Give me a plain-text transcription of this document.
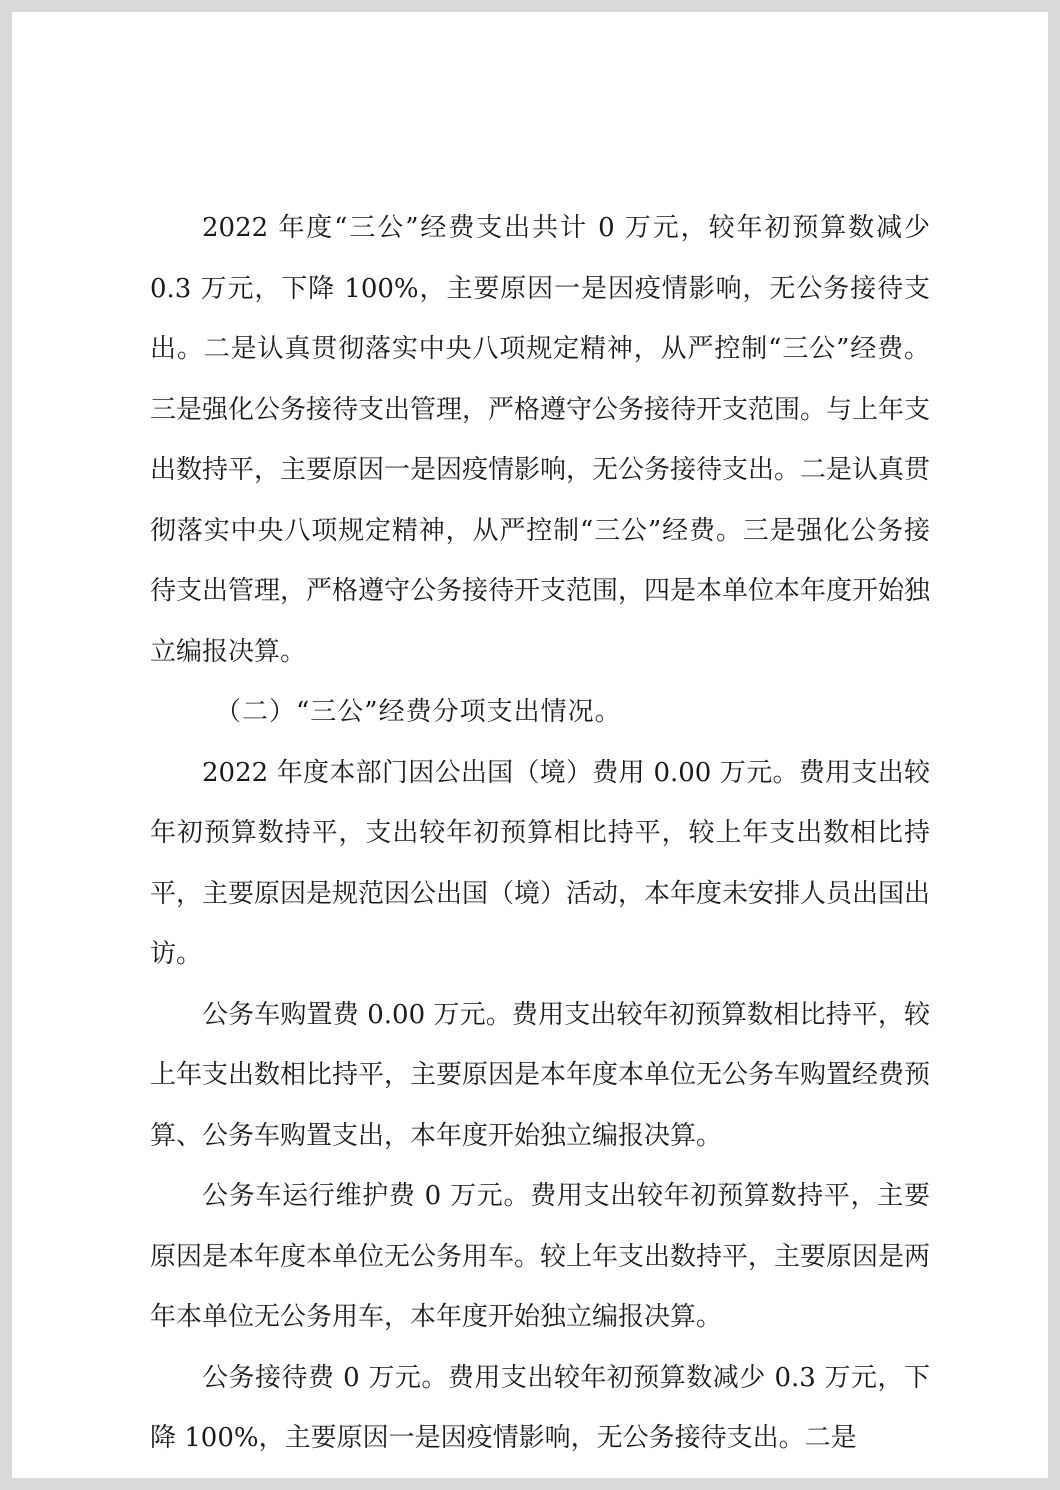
2022 年度“三公”经费支出共计 0 万元，较年初预算数减少 0.3 万元，下降 100%，主要原因一是因疫情影响，无公务接待支出。二是认真贯彻落实中央八项规定精神，从严控制“三公”经费。三是强化公务接待支出管理，严格遵守公务接待开支范围。与上年支出数持平，主要原因一是因疫情影响，无公务接待支出。二是认真贯彻落实中央八项规定精神，从严控制“三公”经费。三是强化公务接待支出管理，严格遵守公务接待开支范围，四是本单位本年度开始独立编报决算。

（二）“三公”经费分项支出情况。

2022 年度本部门因公出国（境）费用 0.00 万元。费用支出较年初预算数持平，支出较年初预算相比持平，较上年支出数相比持平，主要原因是规范因公出国（境）活动，本年度未安排人员出国出访。

公务车购置费 0.00 万元。费用支出较年初预算数相比持平，较上年支出数相比持平，主要原因是本年度本单位无公务车购置经费预算、公务车购置支出，本年度开始独立编报决算。

公务车运行维护费 0 万元。费用支出较年初预算数持平，主要原因是本年度本单位无公务用车。较上年支出数持平，主要原因是两年本单位无公务用车，本年度开始独立编报决算。

公务接待费 0 万元。费用支出较年初预算数减少 0.3 万元，下降 100%，主要原因一是因疫情影响，无公务接待支出。二是
